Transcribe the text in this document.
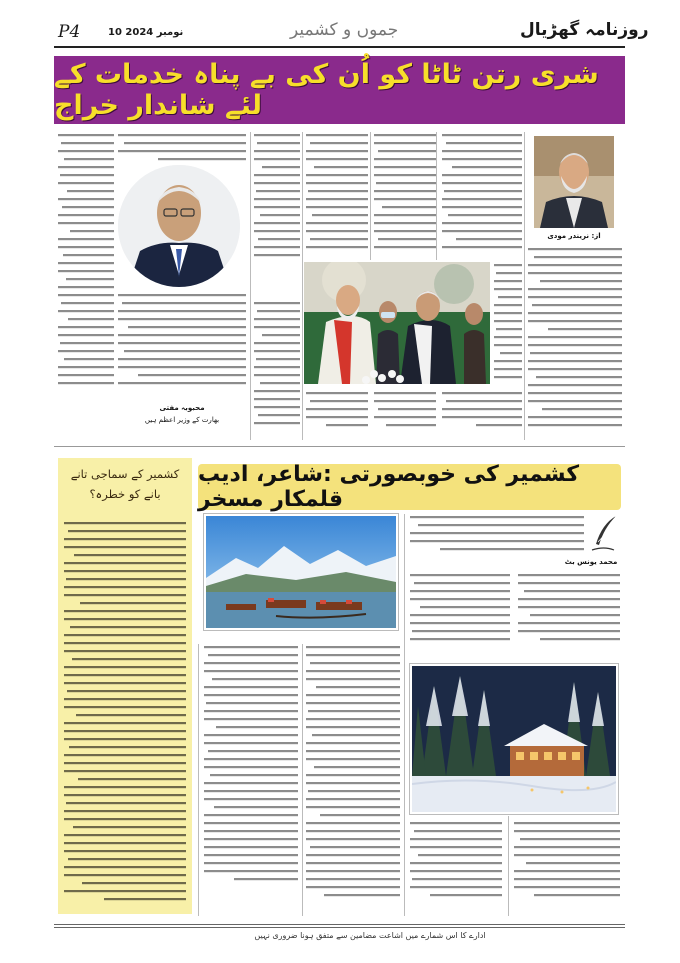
P4	10 نومبر 2024	جموں و کشمیر	روزنامہ گھڑیال
شری رتن ٹاٹا کو اُن کی بے پناہ خدمات کے لئے شاندار خراج
از: نریندر مودی
محبوبہ مفتی
بھارت کے وزیر اعظم ہیں
کشمیر کے سماجی تانے بانے کو خطرہ؟
کشمیر کی خوبصورتی :شاعر، ادیب قلمکار مسخر
محمد یونس بٹ
ادارے کا اس شمارے میں اشاعت مضامین سے متفق ہونا ضروری نہیں
